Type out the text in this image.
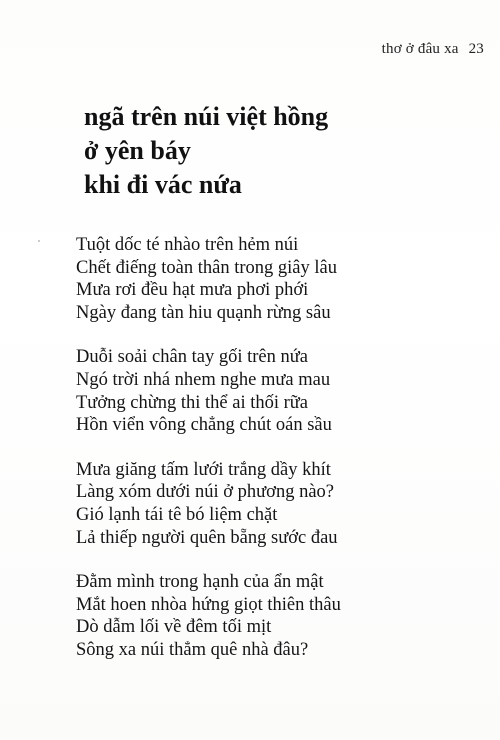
thơ ở đâu xa 23
ngã trên núi việt hồng
ở yên báy
khi đi vác nứa
Tuột dốc té nhào trên hẻm núi
Chết điếng toàn thân trong giây lâu
Mưa rơi đều hạt mưa phơi phới
Ngày đang tàn hiu quạnh rừng sâu
Duỗi soải chân tay gối trên nứa
Ngó trời nhá nhem nghe mưa mau
Tưởng chừng thi thể ai thối rữa
Hồn viển vông chẳng chút oán sầu
Mưa giăng tấm lưới trắng dầy khít
Làng xóm dưới núi ở phương nào?
Gió lạnh tái tê bó liệm chặt
Lả thiếp người quên bẵng sước đau
Đằm mình trong hạnh của ẩn mật
Mắt hoen nhòa hứng giọt thiên thâu
Dò dẫm lối về đêm tối mịt
Sông xa núi thẳm quê nhà đâu?
